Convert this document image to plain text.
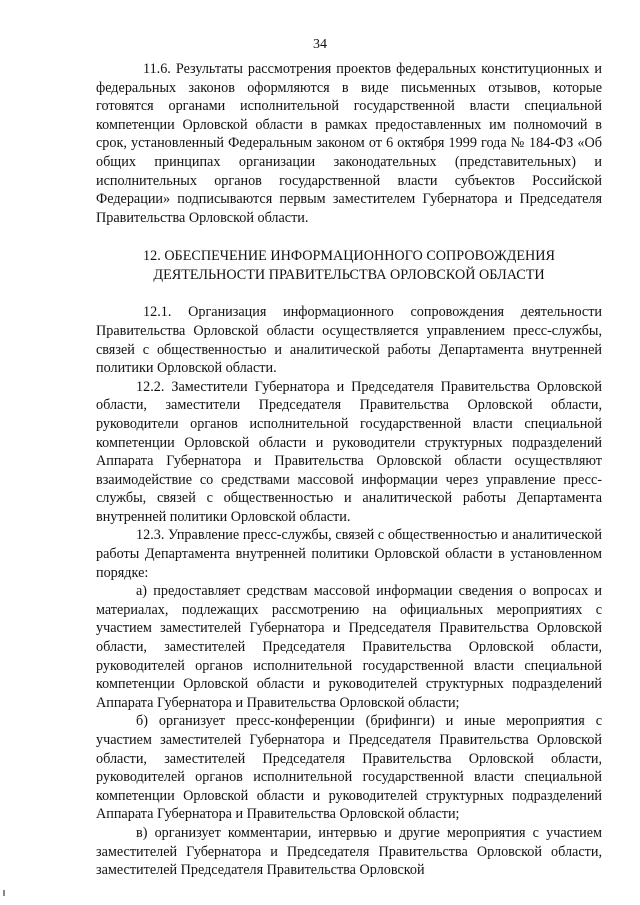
34

11.6. Результаты рассмотрения проектов федеральных конституционных и федеральных законов оформляются в виде письменных отзывов, которые готовятся органами исполнительной государственной власти специальной компетенции Орловской области в рамках предоставленных им полномочий в срок, установленный Федеральным законом от 6 октября 1999 года № 184-ФЗ «Об общих принципах организации законодательных (представительных) и исполнительных органов государственной власти субъектов Российской Федерации» подписываются первым заместителем Губернатора и Председателя Правительства Орловской области.

12. ОБЕСПЕЧЕНИЕ ИНФОРМАЦИОННОГО СОПРОВОЖДЕНИЯ
ДЕЯТЕЛЬНОСТИ ПРАВИТЕЛЬСТВА ОРЛОВСКОЙ ОБЛАСТИ

12.1. Организация информационного сопровождения деятельности Правительства Орловской области осуществляется управлением пресс-службы, связей с общественностью и аналитической работы Департамента внутренней политики Орловской области.

12.2. Заместители Губернатора и Председателя Правительства Орловской области, заместители Председателя Правительства Орловской области, руководители органов исполнительной государственной власти специальной компетенции Орловской области и руководители структурных подразделений Аппарата Губернатора и Правительства Орловской области осуществляют взаимодействие со средствами массовой информации через управление пресс-службы, связей с общественностью и аналитической работы Департамента внутренней политики Орловской области.

12.3. Управление пресс-службы, связей с общественностью и аналитической работы Департамента внутренней политики Орловской области в установленном порядке:

а) предоставляет средствам массовой информации сведения о вопросах и материалах, подлежащих рассмотрению на официальных мероприятиях с участием заместителей Губернатора и Председателя Правительства Орловской области, заместителей Председателя Правительства Орловской области, руководителей органов исполнительной государственной власти специальной компетенции Орловской области и руководителей структурных подразделений Аппарата Губернатора и Правительства Орловской области;

б) организует пресс-конференции (брифинги) и иные мероприятия с участием заместителей Губернатора и Председателя Правительства Орловской области, заместителей Председателя Правительства Орловской области, руководителей органов исполнительной государственной власти специальной компетенции Орловской области и руководителей структурных подразделений Аппарата Губернатора и Правительства Орловской области;

в) организует комментарии, интервью и другие мероприятия с участием заместителей Губернатора и Председателя Правительства Орловской области, заместителей Председателя Правительства Орловской
